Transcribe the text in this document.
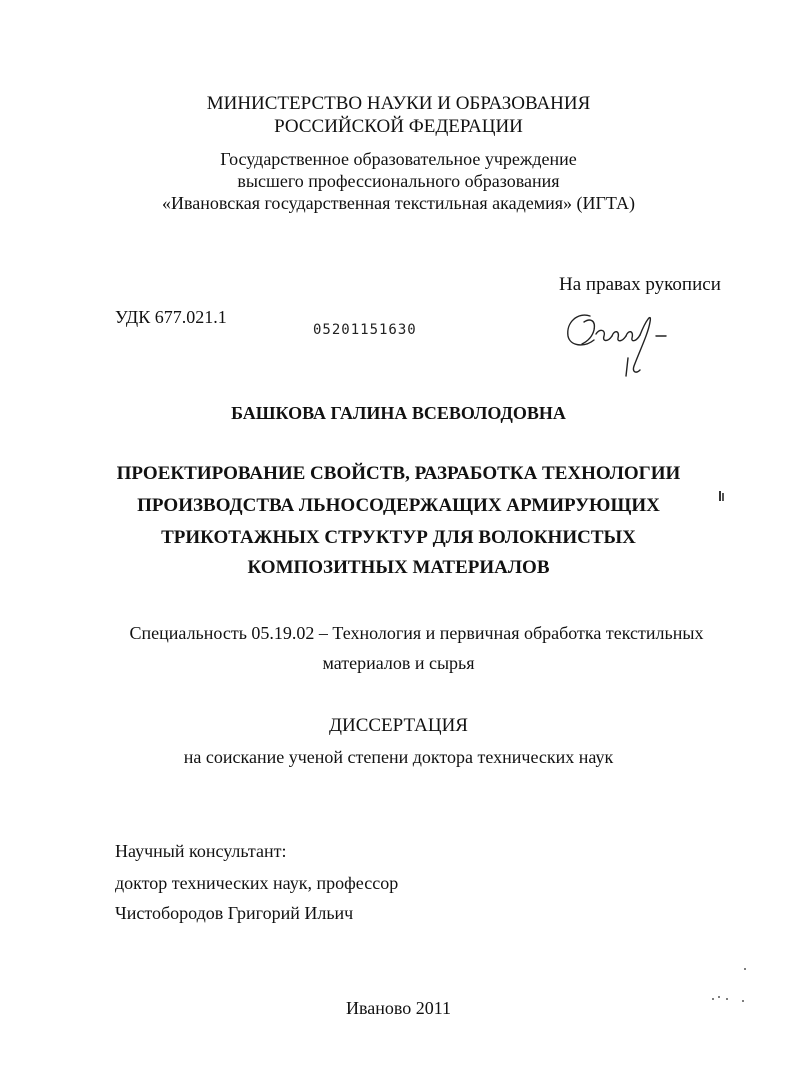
МИНИСТЕРСТВО НАУКИ И ОБРАЗОВАНИЯ
РОССИЙСКОЙ ФЕДЕРАЦИИ
Государственное образовательное учреждение
высшего профессионального образования
«Ивановская государственная текстильная академия» (ИГТА)
На правах рукописи
УДК 677.021.1
05201151630
БАШКОВА ГАЛИНА ВСЕВОЛОДОВНА
ПРОЕКТИРОВАНИЕ СВОЙСТВ, РАЗРАБОТКА ТЕХНОЛОГИИ
ПРОИЗВОДСТВА ЛЬНОСОДЕРЖАЩИХ АРМИРУЮЩИХ
ТРИКОТАЖНЫХ СТРУКТУР ДЛЯ ВОЛОКНИСТЫХ
КОМПОЗИТНЫХ МАТЕРИАЛОВ
Специальность 05.19.02 – Технология и первичная обработка текстильных
материалов и сырья
ДИССЕРТАЦИЯ
на соискание ученой степени доктора технических наук
Научный консультант:
доктор технических наук, профессор
Чистобородов Григорий Ильич
Иваново 2011
